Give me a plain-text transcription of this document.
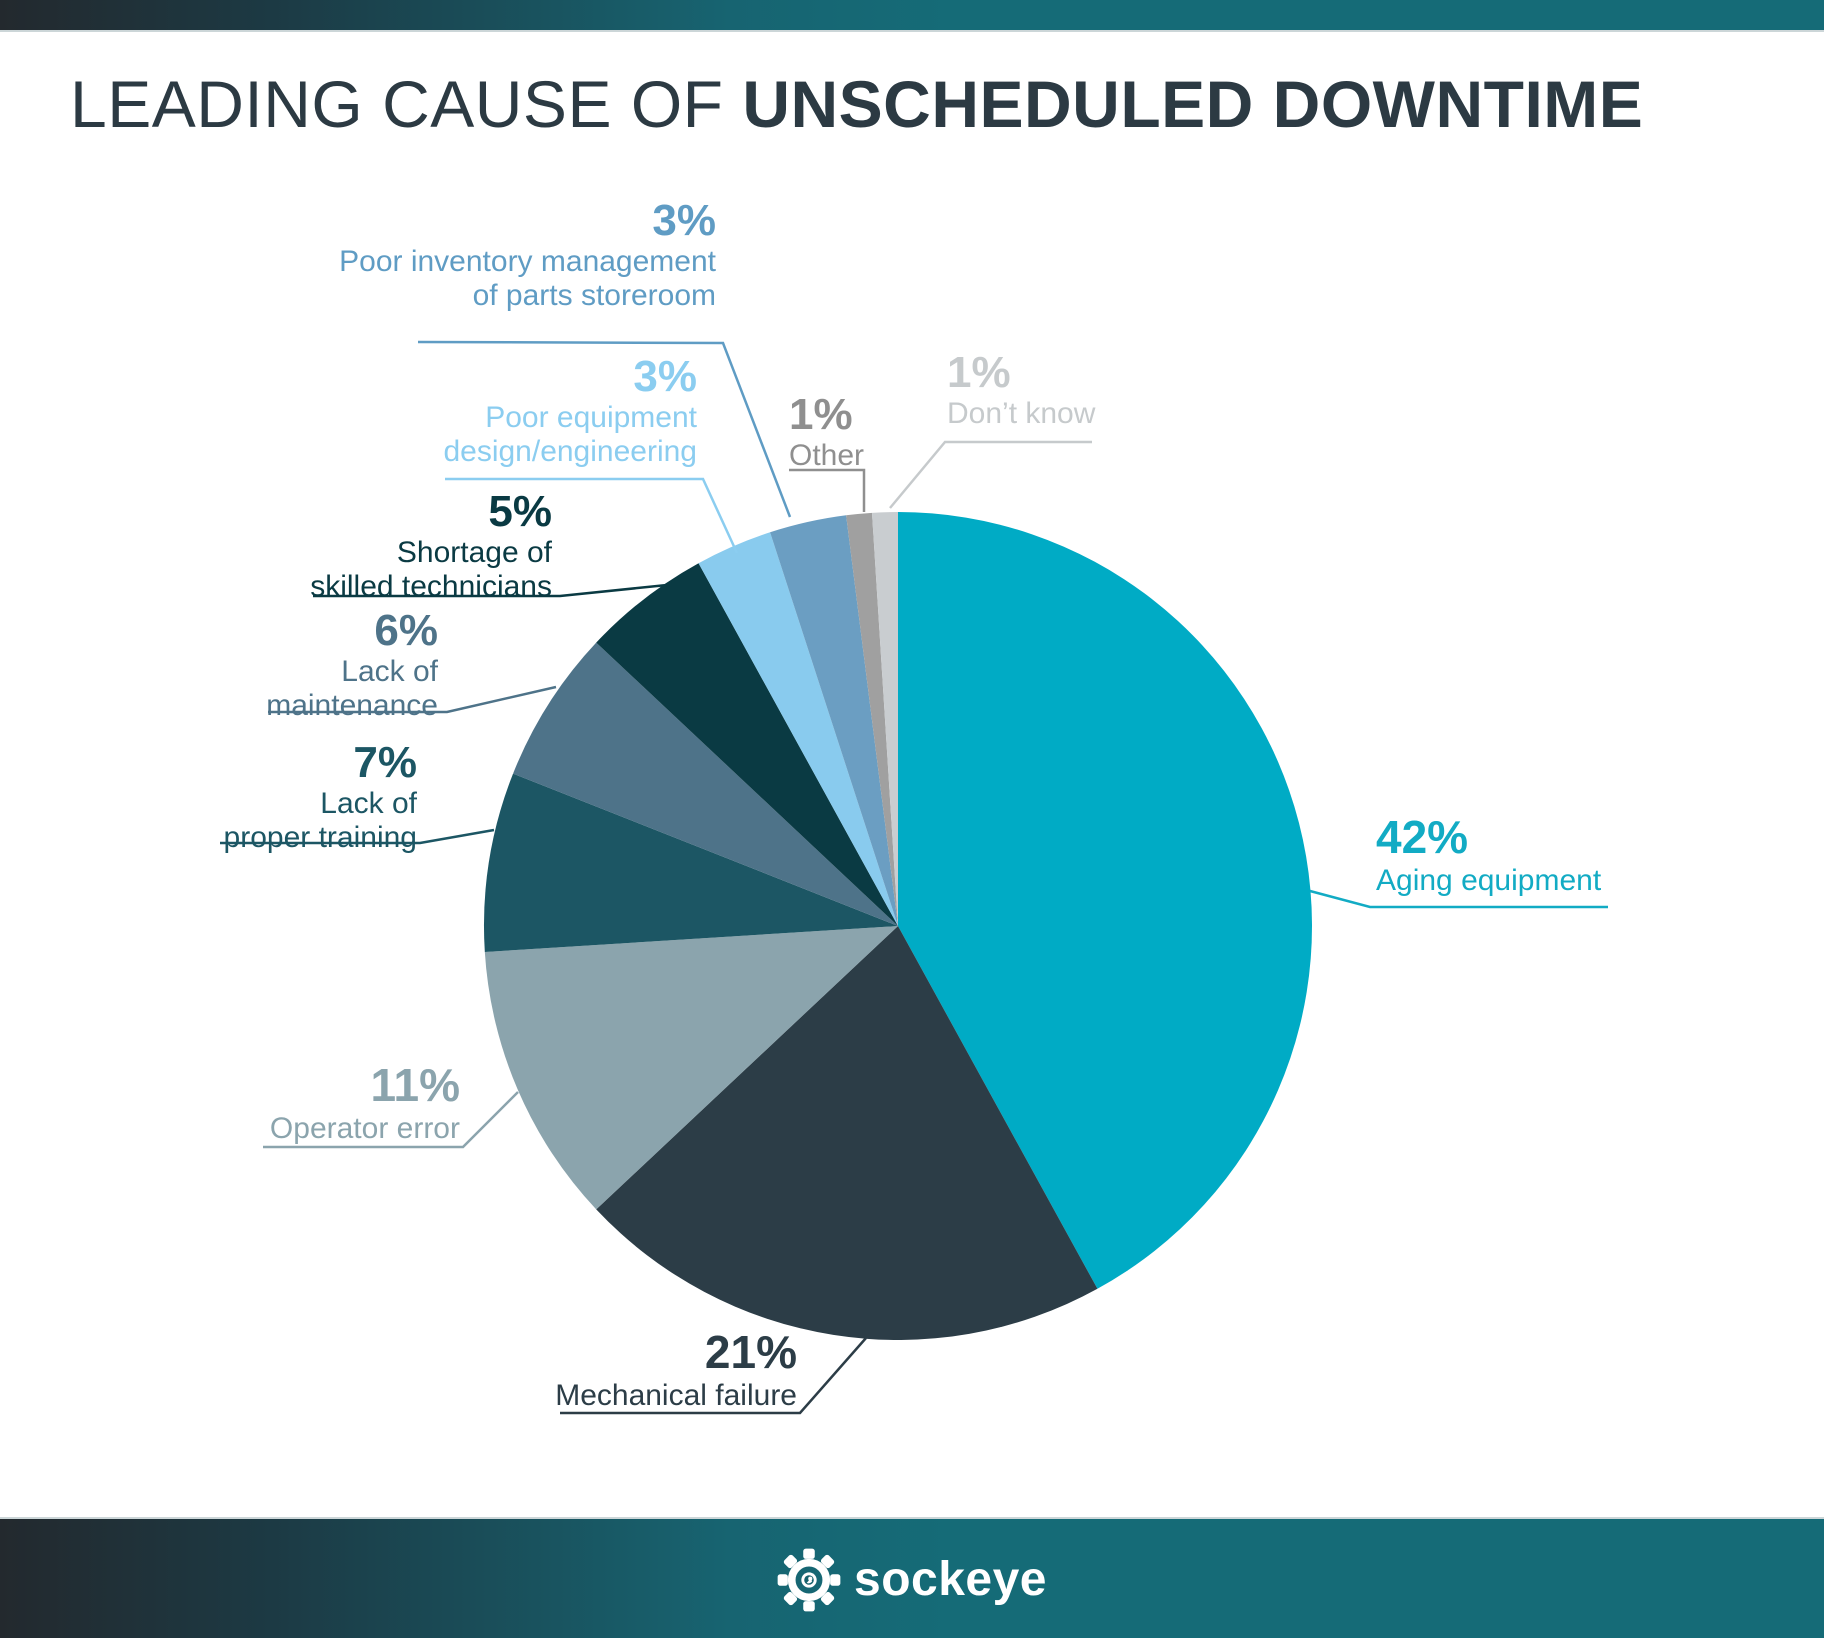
LEADING CAUSE OF UNSCHEDULED DOWNTIME
3%
Poor inventory management
of parts storeroom
3%
Poor equipment
design/engineering
5%
Shortage of
skilled technicians
6%
Lack of
maintenance
7%
Lack of
proper training
11%
Operator error
21%
Mechanical failure
42%
Aging equipment
1%
Other
1%
Don’t know
sockeye
